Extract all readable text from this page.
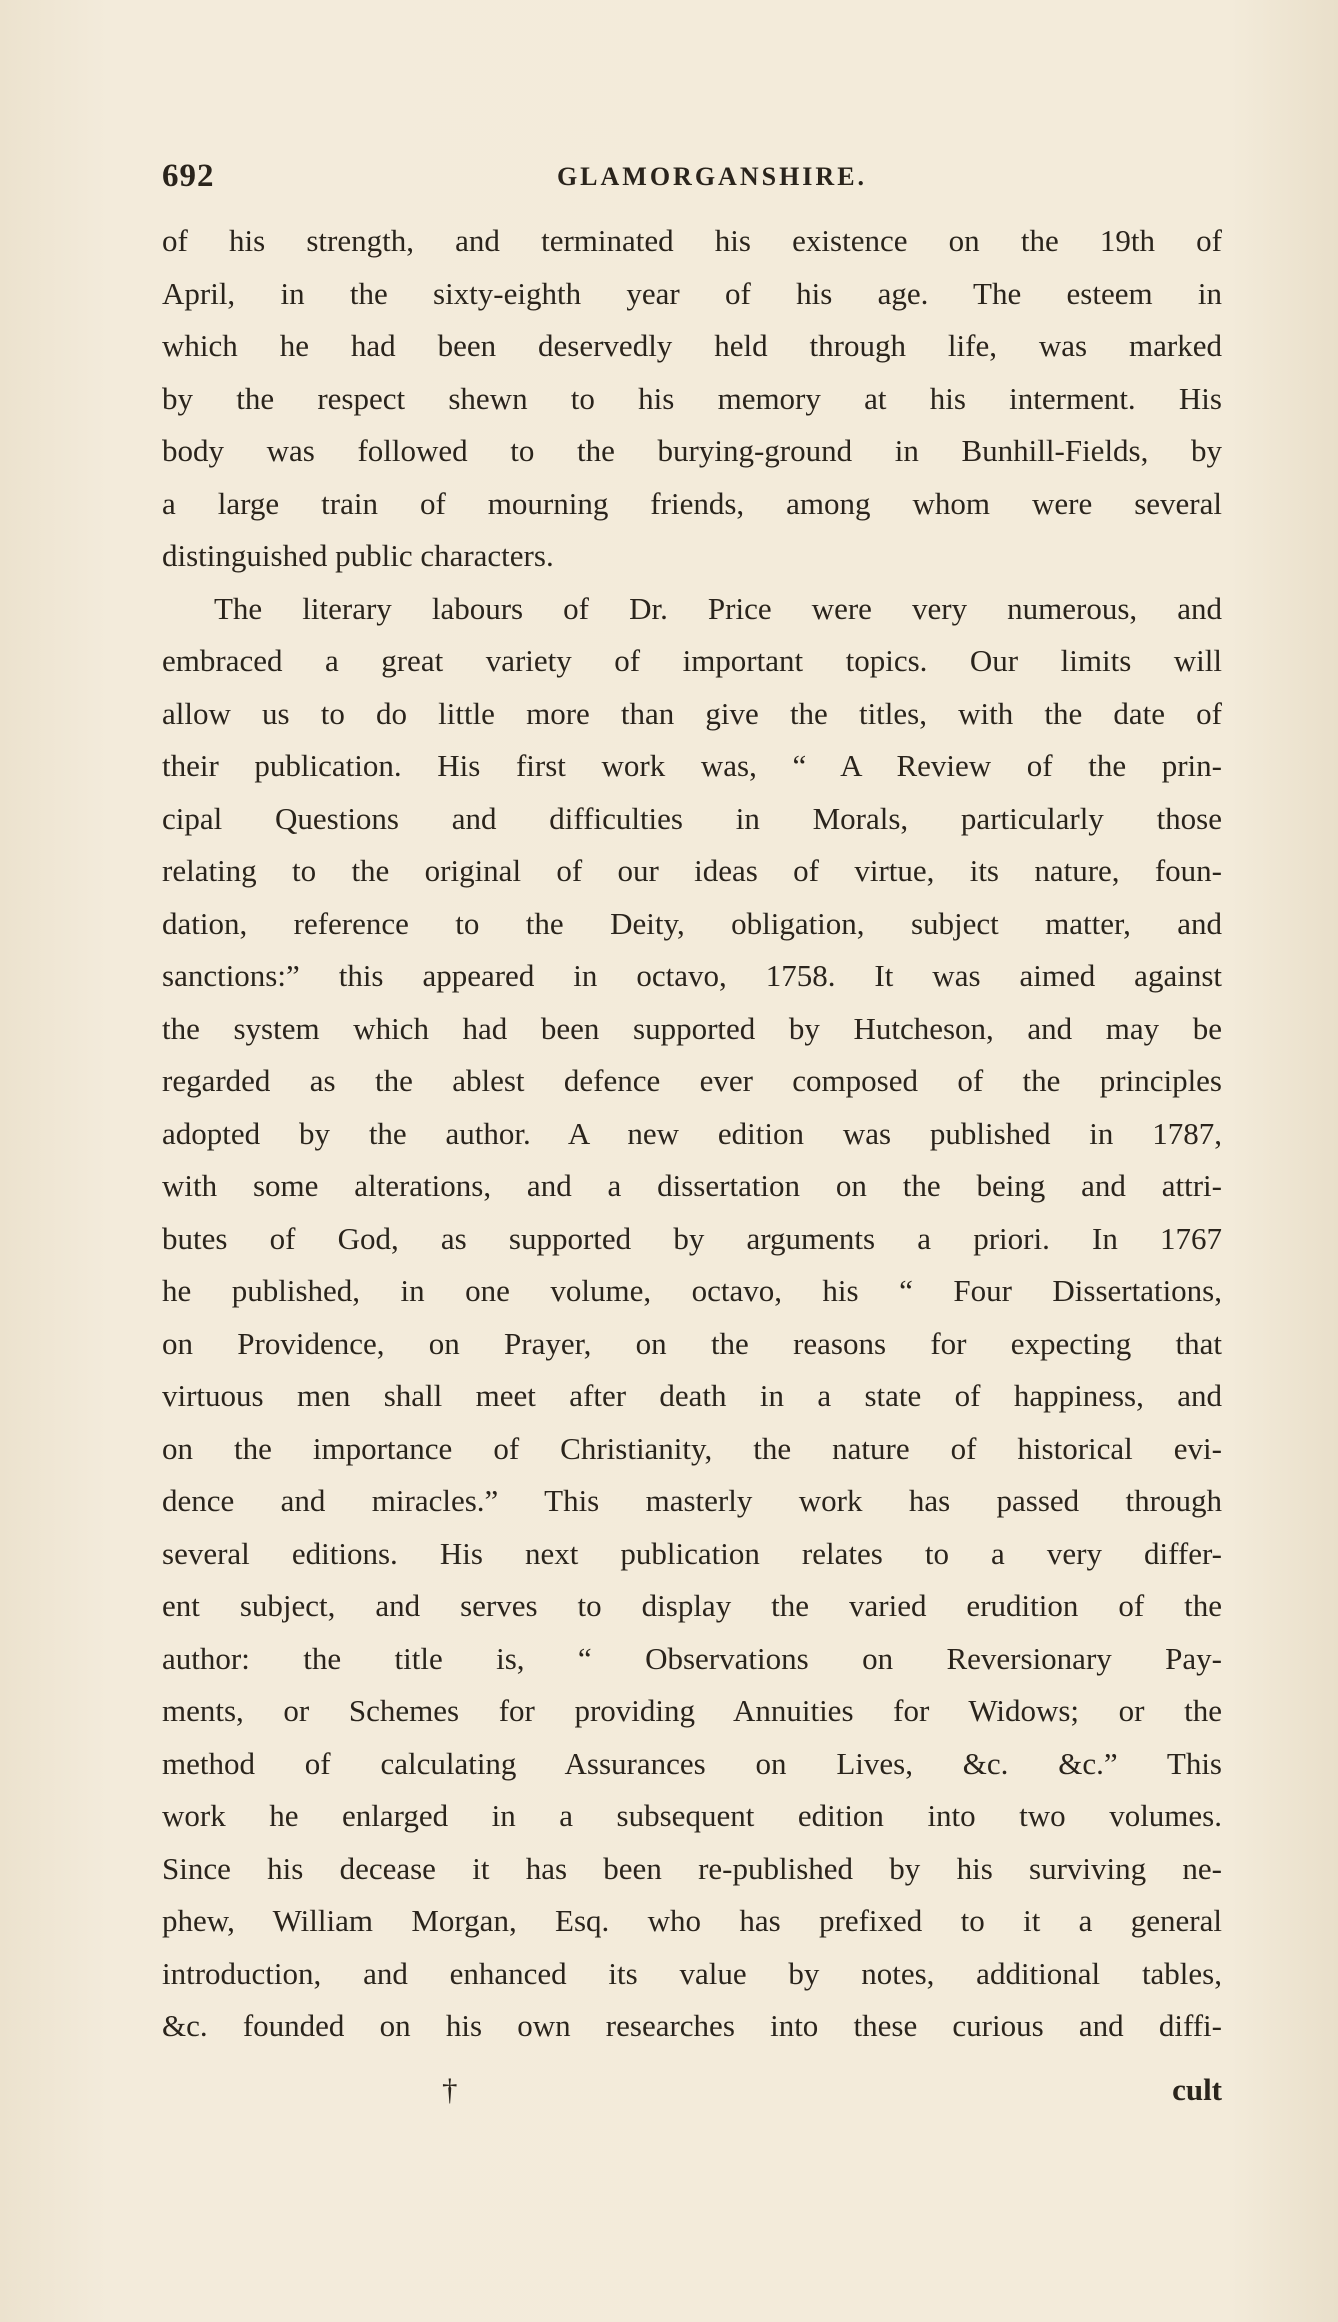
692	GLAMORGANSHIRE.
of his strength, and terminated his existence on the 19th of
April, in the sixty-eighth year of his age. The esteem in
which he had been deservedly held through life, was marked
by the respect shewn to his memory at his interment. His
body was followed to the burying-ground in Bunhill-Fields, by
a large train of mourning friends, among whom were several
distinguished public characters.
The literary labours of Dr. Price were very numerous, and
embraced a great variety of important topics. Our limits will
allow us to do little more than give the titles, with the date of
their publication. His first work was, “ A Review of the prin-
cipal Questions and difficulties in Morals, particularly those
relating to the original of our ideas of virtue, its nature, foun-
dation, reference to the Deity, obligation, subject matter, and
sanctions:” this appeared in octavo, 1758. It was aimed against
the system which had been supported by Hutcheson, and may be
regarded as the ablest defence ever composed of the principles
adopted by the author. A new edition was published in 1787,
with some alterations, and a dissertation on the being and attri-
butes of God, as supported by arguments a priori. In 1767
he published, in one volume, octavo, his “ Four Dissertations,
on Providence, on Prayer, on the reasons for expecting that
virtuous men shall meet after death in a state of happiness, and
on the importance of Christianity, the nature of historical evi-
dence and miracles.” This masterly work has passed through
several editions. His next publication relates to a very differ-
ent subject, and serves to display the varied erudition of the
author: the title is, “ Observations on Reversionary Pay-
ments, or Schemes for providing Annuities for Widows; or the
method of calculating Assurances on Lives, &c. &c.” This
work he enlarged in a subsequent edition into two volumes.
Since his decease it has been re-published by his surviving ne-
phew, William Morgan, Esq. who has prefixed to it a general
introduction, and enhanced its value by notes, additional tables,
&c. founded on his own researches into these curious and diffi-
†	cult
